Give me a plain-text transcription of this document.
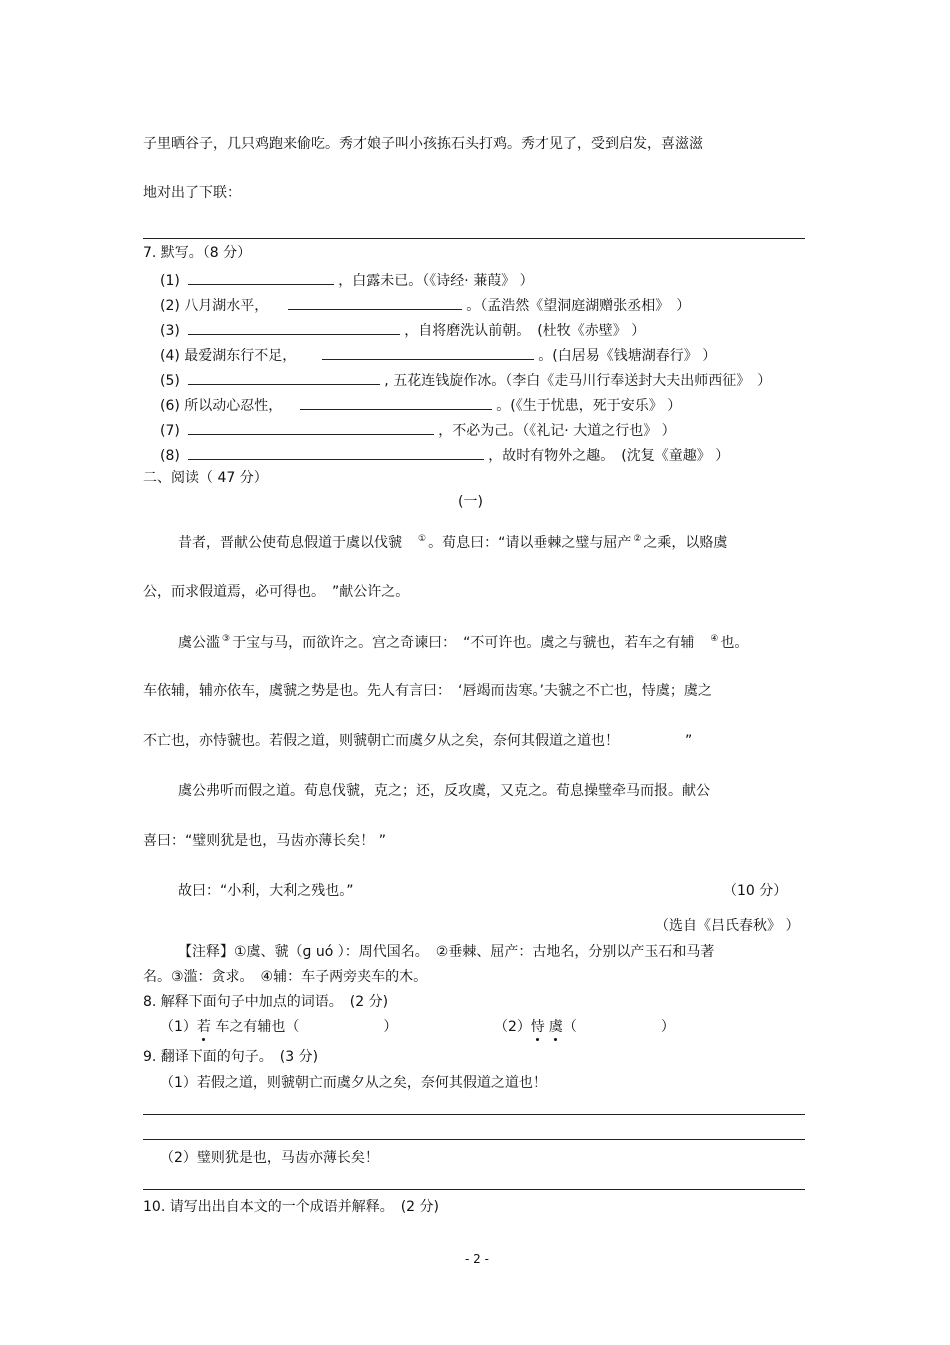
子里晒谷子，几只鸡跑来偷吃。秀才娘子叫小孩拣石头打鸡。秀才见了，受到启发，喜滋滋
地对出了下联：
7. 默写。（8 分）
(1)	，白露未已。（《诗经· 蒹葭》 ）
(2) 八月湖水平，	。（孟浩然《望洞庭湖赠张丞相》　）
(3)	，自将磨洗认前朝。　(杜牧《赤壁》 ）
(4) 最爱湖东行不足，	。(白居易《钱塘湖春行》 ）
(5)	, 五花连钱旋作冰。（李白《走马川行奉送封大夫出师西征》　）
(6) 所以动心忍性，	。(《生于忧患，死于安乐》 ）
(7)	，不必为己。（《礼记· 大道之行也》 ）
(8)	，故时有物外之趣。　(沈复《童趣》 ）
二、阅读（ 47 分）
(一)
昔者，晋献公使荀息假道于虞以伐虢 ① 。荀息曰：“请以垂棘之璧与屈产 ② 之乘，以赂虞
公，而求假道焉，必可得也。　”献公许之。
虞公滥 ③ 于宝与马，而欲许之。宫之奇谏曰：　“不可许也。虞之与虢也，若车之有辅 ④ 也。
车依辅，辅亦依车，虞虢之势是也。先人有言曰：　‘唇竭而齿寒。’夫虢之不亡也，恃虞；虞之
不亡也，亦恃虢也。若假之道，则虢朝亡而虞夕从之矣，奈何其假道之道也！	”
虞公弗听而假之道。荀息伐虢，克之；还，反攻虞，又克之。荀息操璧牵马而报。献公
喜曰：“璧则犹是也，马齿亦薄长矣！ ”
故曰：“小利，大利之残也。”	（10 分）
（选自《吕氏春秋》 ）
【注释】①虞、虢（ɡ uó ）：周代国名。　②垂棘、屈产：古地名，分别以产玉石和马著
名。③滥：贪求。　④辅：车子两旁夹车的木。
8. 解释下面句子中加点的词语。　(2 分)
（1）若 车之有辅也（	）	（2）恃 虞（	）
9. 翻译下面的句子。　(3 分)
（1）若假之道，则虢朝亡而虞夕从之矣，奈何其假道之道也！
（2）璧则犹是也，马齿亦薄长矣！
10. 请写出出自本文的一个成语并解释。　(2 分)
- 2 -
